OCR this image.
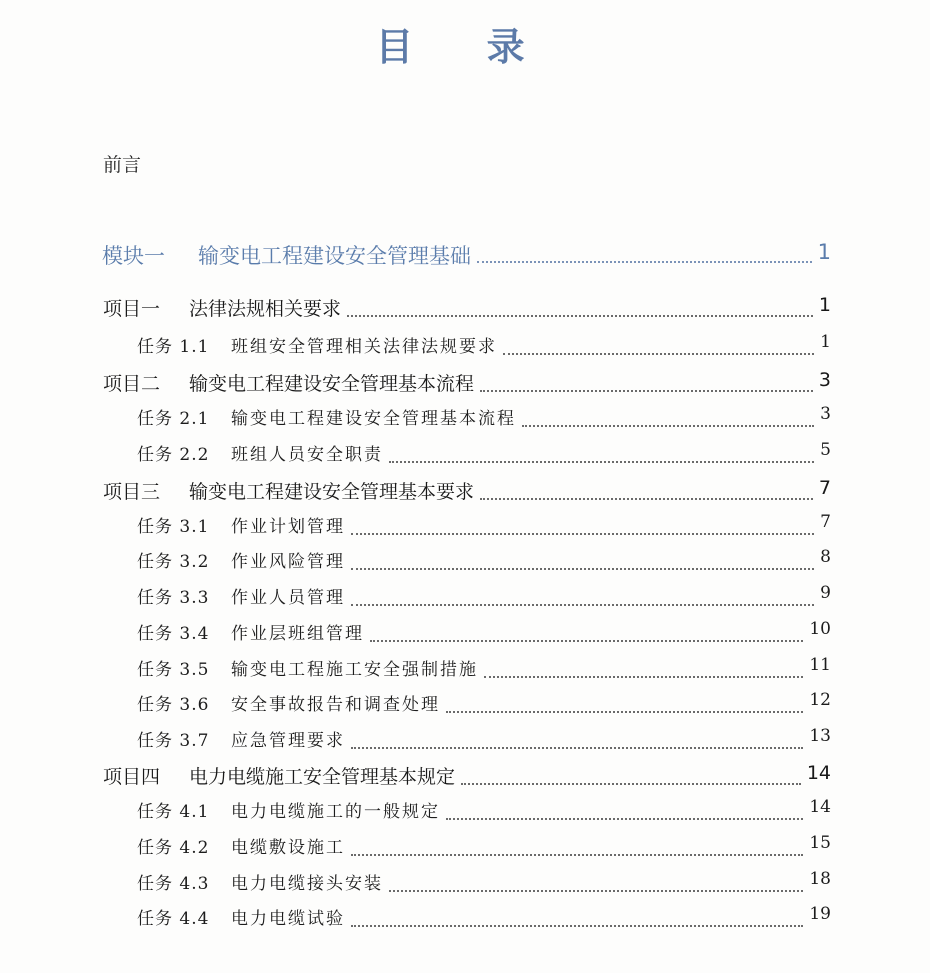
目 录
前言
模块一	输变电工程建设安全管理基础	1
项目一	法律法规相关要求	1
任务 1.1	班组安全管理相关法律法规要求	1
项目二	输变电工程建设安全管理基本流程	3
任务 2.1	输变电工程建设安全管理基本流程	3
任务 2.2	班组人员安全职责	5
项目三	输变电工程建设安全管理基本要求	7
任务 3.1	作业计划管理	7
任务 3.2	作业风险管理	8
任务 3.3	作业人员管理	9
任务 3.4	作业层班组管理	10
任务 3.5	输变电工程施工安全强制措施	11
任务 3.6	安全事故报告和调查处理	12
任务 3.7	应急管理要求	13
项目四	电力电缆施工安全管理基本规定	14
任务 4.1	电力电缆施工的一般规定	14
任务 4.2	电缆敷设施工	15
任务 4.3	电力电缆接头安装	18
任务 4.4	电力电缆试验	19
